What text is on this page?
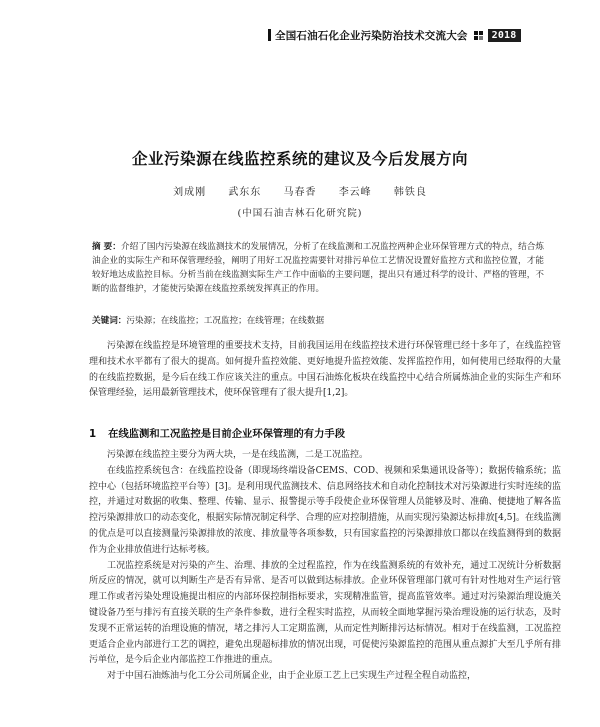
全国石油石化企业污染防治技术交流大会	2018
企业污染源在线监控系统的建议及今后发展方向
刘成刚 武东东 马春香 李云峰 韩铁良
(中国石油吉林石化研究院)
摘 要：介绍了国内污染源在线监测技术的发展情况，分析了在线监测和工况监控两种企业环保管理方式的特点，结合炼油企业的实际生产和环保管理经验，阐明了用好工况监控需要针对排污单位工艺情况设置好监控方式和监控位置，才能较好地达成监控目标。分析当前在线监测实际生产工作中面临的主要问题，提出只有通过科学的设计、严格的管理，不断的监督维护，才能使污染源在线监控系统发挥真正的作用。
关键词：污染源；在线监控；工况监控；在线管理；在线数据

污染源在线监控是环境管理的重要技术支持，目前我国运用在线监控技术进行环保管理已经十多年了，在线监控管理和技术水平都有了很大的提高。如何提升监控效能、更好地提升监控效能、发挥监控作用，如何使用已经取得的大量的在线监控数据，是今后在线工作应该关注的重点。中国石油炼化板块在线监控中心结合所属炼油企业的实际生产和环保管理经验，运用最新管理技术，使环保管理有了很大提升[1,2]。

1 在线监测和工况监控是目前企业环保管理的有力手段

污染源在线监控主要分为两大块，一是在线监测，二是工况监控。

在线监控系统包含：在线监控设备（即现场终端设备CEMS、COD、视频和采集通讯设备等）；数据传输系统；监控中心（包括环境监控平台等）[3]。是利用现代监测技术、信息网络技术和自动化控制技术对污染源进行实时连续的监控，并通过对数据的收集、整理、传输、显示、报警提示等手段使企业环保管理人员能够及时、准确、便捷地了解各监控污染源排放口的动态变化，根据实际情况制定科学、合理的应对控制措施，从而实现污染源达标排放[4,5]。在线监测的优点是可以直接测量污染源排放的浓度、排放量等各项参数，只有国家监控的污染源排放口都以在线监测得到的数据作为企业排放值进行达标考核。

工况监控系统是对污染的产生、治理、排放的全过程监控，作为在线监测系统的有效补充，通过工况统计分析数据所反应的情况，就可以判断生产是否有异常、是否可以做到达标排放。企业环保管理部门就可有针对性地对生产运行管理工作或者污染处理设施提出相应的内部环保控制指标要求，实现精准监管，提高监管效率。通过对污染源治理设施关键设备乃至与排污有直接关联的生产条件参数，进行全程实时监控，从而较全面地掌握污染治理设施的运行状态，及时发现不正常运转的治理设施的情况，堵之排污人工定期监测，从而定性判断排污达标情况。相对于在线监测，工况监控更适合企业内部进行工艺的调控，避免出现超标排放的情况出现，可促使污染源监控的范围从重点源扩大至几乎所有排污单位，是今后企业内部监控工作推进的重点。

对于中国石油炼油与化工分公司所属企业，由于企业原工艺上已实现生产过程全程自动监控，
